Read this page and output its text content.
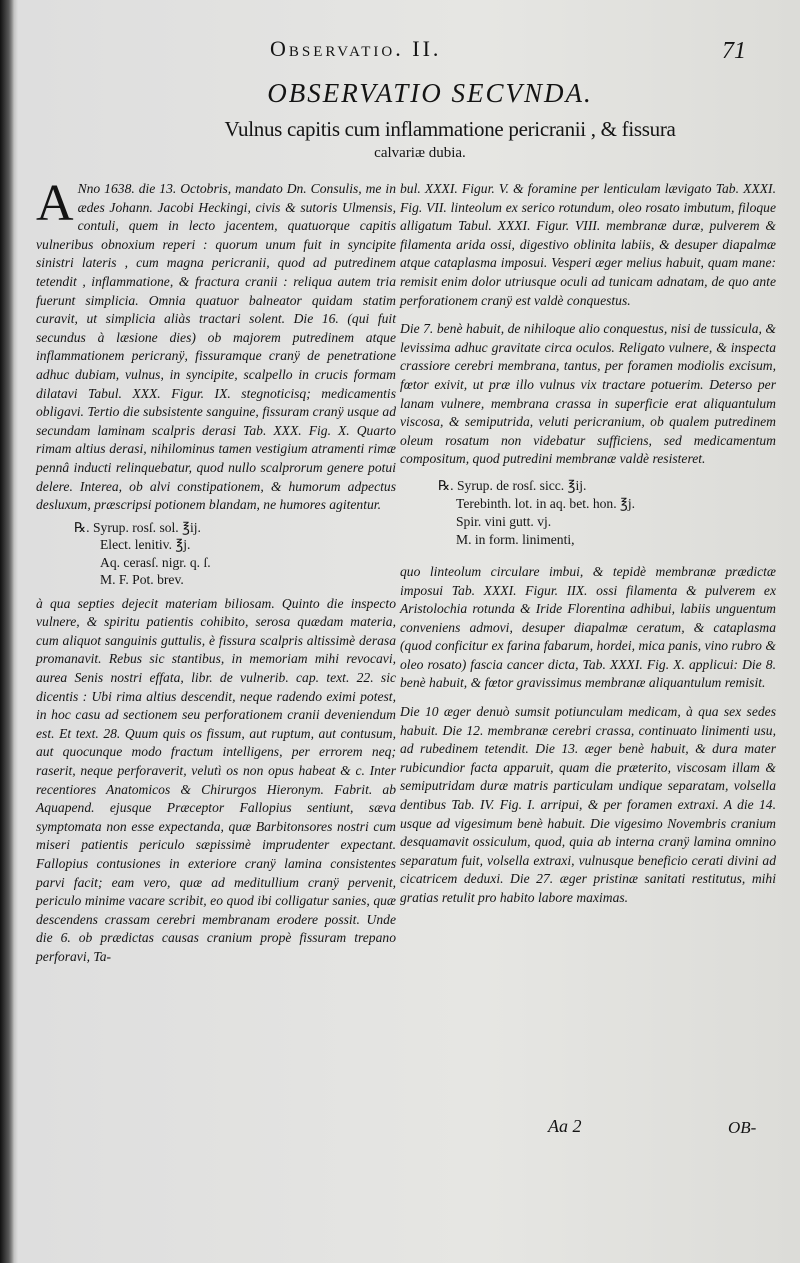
Observatio. II.	71
OBSERVATIO SECVNDA.
Vulnus capitis cum inflammatione pericranii , & fissura
calvariæ dubia.

A Nno 1638. die 13. Octobris, mandato Dn. Consulis, me in ædes Johann. Jacobi Heckingi, civis & sutoris Ulmensis, contuli, quem in lecto jacentem, quatuorque capitis vulneribus obnoxium reperi : quorum unum fuit in syncipite sinistri lateris , cum magna pericranii, quod ad putredinem tetendit , inflammatione, & fractura cranii : reliqua autem tria fuerunt simplicia. Omnia quatuor balneator quidam statim curavit, ut simplicia aliàs tractari solent. Die 16. (qui fuit secundus à læsione dies) ob majorem putredinem atque inflammationem pericranÿ, fissuramque cranÿ de penetratione adhuc dubiam, vulnus, in syncipite, scalpello in crucis formam dilatavi Tabul. XXX. Figur. IX. stegnoticisq; medicamentis obligavi. Tertio die subsistente sanguine, fissuram cranÿ usque ad secundam laminam scalpris derasi Tab. XXX. Fig. X. Quarto rimam altius derasi, nihilominus tamen vestigium atramenti rimæ pennâ inducti relinquebatur, quod nullo scalprorum genere potui delere. Interea, ob alvi constipationem, & humorum adpectus desluxum, præscripsi potionem blandam, ne humores agitentur.

℞. Syrup. rosſ. sol. ℥ij.
Elect. lenitiv. ℥j.
Aq. cerasſ. nigr. q. ſ.
M. F. Pot. brev.

à qua septies dejecit materiam biliosam. Quinto die inspecto vulnere, & spiritu patientis cohibito, serosa quædam materia, cum aliquot sanguinis guttulis, è fissura scalpris altissimè derasa promanavit. Rebus sic stantibus, in memoriam mihi revocavi, aurea Senis nostri effata, libr. de vulnerib. cap. text. 22. sic dicentis : Ubi rima altius descendit, neque radendo eximi potest, in hoc casu ad sectionem seu perforationem cranii deveniendum est. Et text. 28. Quum quis os fissum, aut ruptum, aut contusum, aut quocunque modo fractum intelligens, per errorem neq; raserit, neque perforaverit, velutì os non opus habeat & c. Inter recentiores Anatomicos & Chirurgos Hieronym. Fabrit. ab Aquapend. ejusque Præceptor Fallopius sentiunt, sæva symptomata non esse expectanda, quæ Barbitonsores nostri cum miseri patientis periculo sæpissimè imprudenter expectant. Fallopius contusiones in exteriore cranÿ lamina consistentes parvi facit; eam vero, quæ ad meditullium cranÿ pervenit, periculo minime vacare scribit, eo quod ibi colligatur sanies, quæ descendens crassam cerebri membranam erodere possit. Unde die 6. ob prædictas causas cranium propè fissuram trepano perforavi, Ta-

bul. XXXI. Figur. V. & foramine per lenticulam lævigato Tab. XXXI. Fig. VII. linteolum ex serico rotundum, oleo rosato imbutum, filoque alligatum Tabul. XXXI. Figur. VIII. membranæ duræ, pulverem & filamenta arida ossi, digestivo oblinita labiis, & desuper diapalmæ atque cataplasma imposui. Vesperi æger melius habuit, quam mane: remisit enim dolor utriusque oculi ad tunicam adnatam, de quo ante perforationem cranÿ est valdè conquestus.

Die 7. benè habuit, de nihiloque alio conquestus, nisi de tussicula, & levissima adhuc gravitate circa oculos. Religato vulnere, & inspecta crassiore cerebri membrana, tantus, per foramen modiolis excisum, fœtor exivit, ut præ illo vulnus vix tractare potuerim. Deterso per lanam vulnere, membrana crassa in superficie erat aliquantulum viscosa, & semiputrida, veluti pericranium, ob qualem putredinem oleum rosatum non videbatur sufficiens, sed medicamentum compositum, quod putredini membranæ valdè resisteret.

℞. Syrup. de rosſ. sicc. ℥ij.
Terebinth. lot. in aq. bet. hon. ℥j.
Spir. vini gutt. vj.
M. in form. linimenti,

quo linteolum circulare imbui, & tepidè membranæ prædictæ imposui Tab. XXXI. Figur. IIX. ossi filamenta & pulverem ex Aristolochia rotunda & Iride Florentina adhibui, labiis unguentum conveniens admovi, desuper diapalmæ ceratum, & cataplasma (quod conficitur ex farina fabarum, hordei, mica panis, vino rubro & oleo rosato) fascia cancer dicta, Tab. XXXI. Fig. X. applicui: Die 8. benè habuit, & fœtor gravissimus membranæ aliquantulum remisit.

Die 10 æger denuò sumsit potiunculam medicam, à qua sex sedes habuit. Die 12. membranæ cerebri crassa, continuato linimenti usu, ad rubedinem tetendit. Die 13. æger benè habuit, & dura mater rubicundior facta apparuit, quam die præterito, viscosam illam & semiputridam duræ matris particulam undique separatam, volsella dentibus Tab. IV. Fig. I. arripui, & per foramen extraxi. A die 14. usque ad vigesimum benè habuit. Die vigesimo Novembris cranium desquamavit ossiculum, quod, quia ab interna cranÿ lamina omnino separatum fuit, volsella extraxi, vulnusque beneficio cerati divini ad cicatricem deduxi. Die 27. æger pristinæ sanitati restitutus, mihi gratias retulit pro habito labore maximas.

Aa 2	OB-
